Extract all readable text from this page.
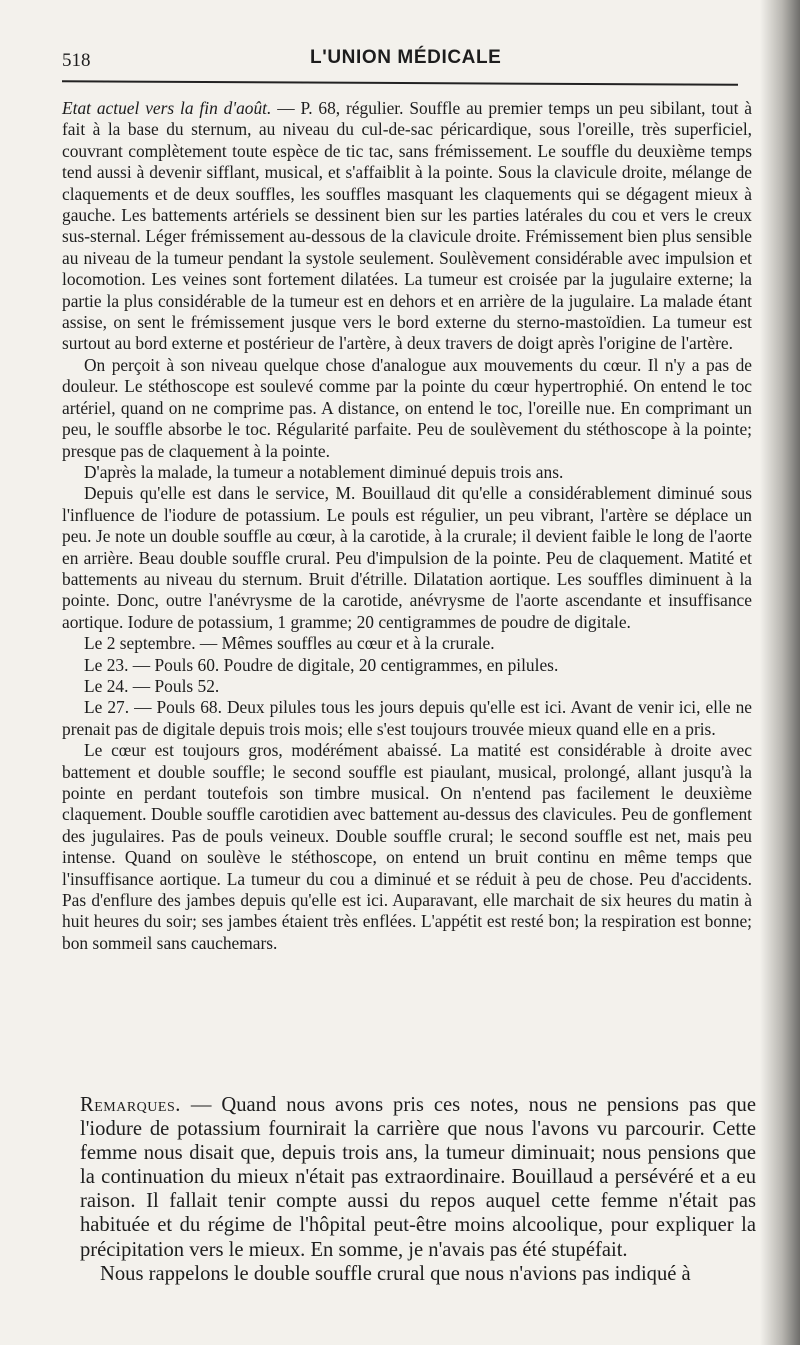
518	L'UNION MÉDICALE

Etat actuel vers la fin d'août. — P. 68, régulier. Souffle au premier temps un peu sibilant, tout à fait à la base du sternum, au niveau du cul-de-sac péricardique, sous l'oreille, très superficiel, couvrant complètement toute espèce de tic tac, sans frémissement. Le souffle du deuxième temps tend aussi à devenir sifflant, musical, et s'affaiblit à la pointe. Sous la clavicule droite, mélange de claquements et de deux souffles, les souffles masquant les claquements qui se dégagent mieux à gauche. Les battements artériels se dessinent bien sur les parties latérales du cou et vers le creux sus-sternal. Léger frémissement au-dessous de la clavicule droite. Frémissement bien plus sensible au niveau de la tumeur pendant la systole seulement. Soulèvement considérable avec impulsion et locomotion. Les veines sont fortement dilatées. La tumeur est croisée par la jugulaire externe; la partie la plus considérable de la tumeur est en dehors et en arrière de la jugulaire. La malade étant assise, on sent le frémissement jusque vers le bord externe du sterno-mastoïdien. La tumeur est surtout au bord externe et postérieur de l'artère, à deux travers de doigt après l'origine de l'artère.

On perçoit à son niveau quelque chose d'analogue aux mouvements du cœur. Il n'y a pas de douleur. Le stéthoscope est soulevé comme par la pointe du cœur hypertrophié. On entend le toc artériel, quand on ne comprime pas. A distance, on entend le toc, l'oreille nue. En comprimant un peu, le souffle absorbe le toc. Régularité parfaite. Peu de soulèvement du stéthoscope à la pointe; presque pas de claquement à la pointe.

D'après la malade, la tumeur a notablement diminué depuis trois ans.

Depuis qu'elle est dans le service, M. Bouillaud dit qu'elle a considérablement diminué sous l'influence de l'iodure de potassium. Le pouls est régulier, un peu vibrant, l'artère se déplace un peu. Je note un double souffle au cœur, à la carotide, à la crurale; il devient faible le long de l'aorte en arrière. Beau double souffle crural. Peu d'impulsion de la pointe. Peu de claquement. Matité et battements au niveau du sternum. Bruit d'étrille. Dilatation aortique. Les souffles diminuent à la pointe. Donc, outre l'anévrysme de la carotide, anévrysme de l'aorte ascendante et insuffisance aortique. Iodure de potassium, 1 gramme; 20 centigrammes de poudre de digitale.

Le 2 septembre. — Mêmes souffles au cœur et à la crurale.

Le 23. — Pouls 60. Poudre de digitale, 20 centigrammes, en pilules.

Le 24. — Pouls 52.

Le 27. — Pouls 68. Deux pilules tous les jours depuis qu'elle est ici. Avant de venir ici, elle ne prenait pas de digitale depuis trois mois; elle s'est toujours trouvée mieux quand elle en a pris.

Le cœur est toujours gros, modérément abaissé. La matité est considérable à droite avec battement et double souffle; le second souffle est piaulant, musical, prolongé, allant jusqu'à la pointe en perdant toutefois son timbre musical. On n'entend pas facilement le deuxième claquement. Double souffle carotidien avec battement au-dessus des clavicules. Peu de gonflement des jugulaires. Pas de pouls veineux. Double souffle crural; le second souffle est net, mais peu intense. Quand on soulève le stéthoscope, on entend un bruit continu en même temps que l'insuffisance aortique. La tumeur du cou a diminué et se réduit à peu de chose. Peu d'accidents. Pas d'enflure des jambes depuis qu'elle est ici. Auparavant, elle marchait de six heures du matin à huit heures du soir; ses jambes étaient très enflées. L'appétit est resté bon; la respiration est bonne; bon sommeil sans cauchemars.

Remarques. — Quand nous avons pris ces notes, nous ne pensions pas que l'iodure de potassium fournirait la carrière que nous l'avons vu parcourir. Cette femme nous disait que, depuis trois ans, la tumeur diminuait; nous pensions que la continuation du mieux n'était pas extraordinaire. Bouillaud a persévéré et a eu raison. Il fallait tenir compte aussi du repos auquel cette femme n'était pas habituée et du régime de l'hôpital peut-être moins alcoolique, pour expliquer la précipitation vers le mieux. En somme, je n'avais pas été stupéfait.

Nous rappelons le double souffle crural que nous n'avions pas indiqué à
